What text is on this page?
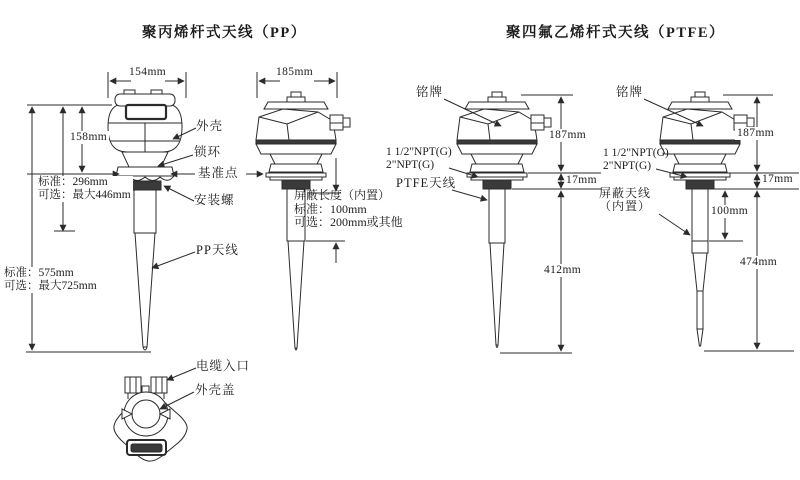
聚丙烯杆式天线（PP）	聚四氟乙烯杆式天线（PTFE）
154mm	185mm
158mm
标准：296mm
可选：最大446mm
标准：575mm
可选：最大725mm
外壳
锁环
基准点
安装螺
PP天线
屏蔽长度（内置）
标准：100mm
可选：200mm或其他
铭牌
1 1/2"NPT(G)
2"NPT(G)
PTFE天线
187mm
17mm
412mm
铭牌
1 1/2"NPT(G)
2"NPT(G)
屏蔽天线
（内置）
187mm
17mm
100mm
474mm
电缆入口
外壳盖
